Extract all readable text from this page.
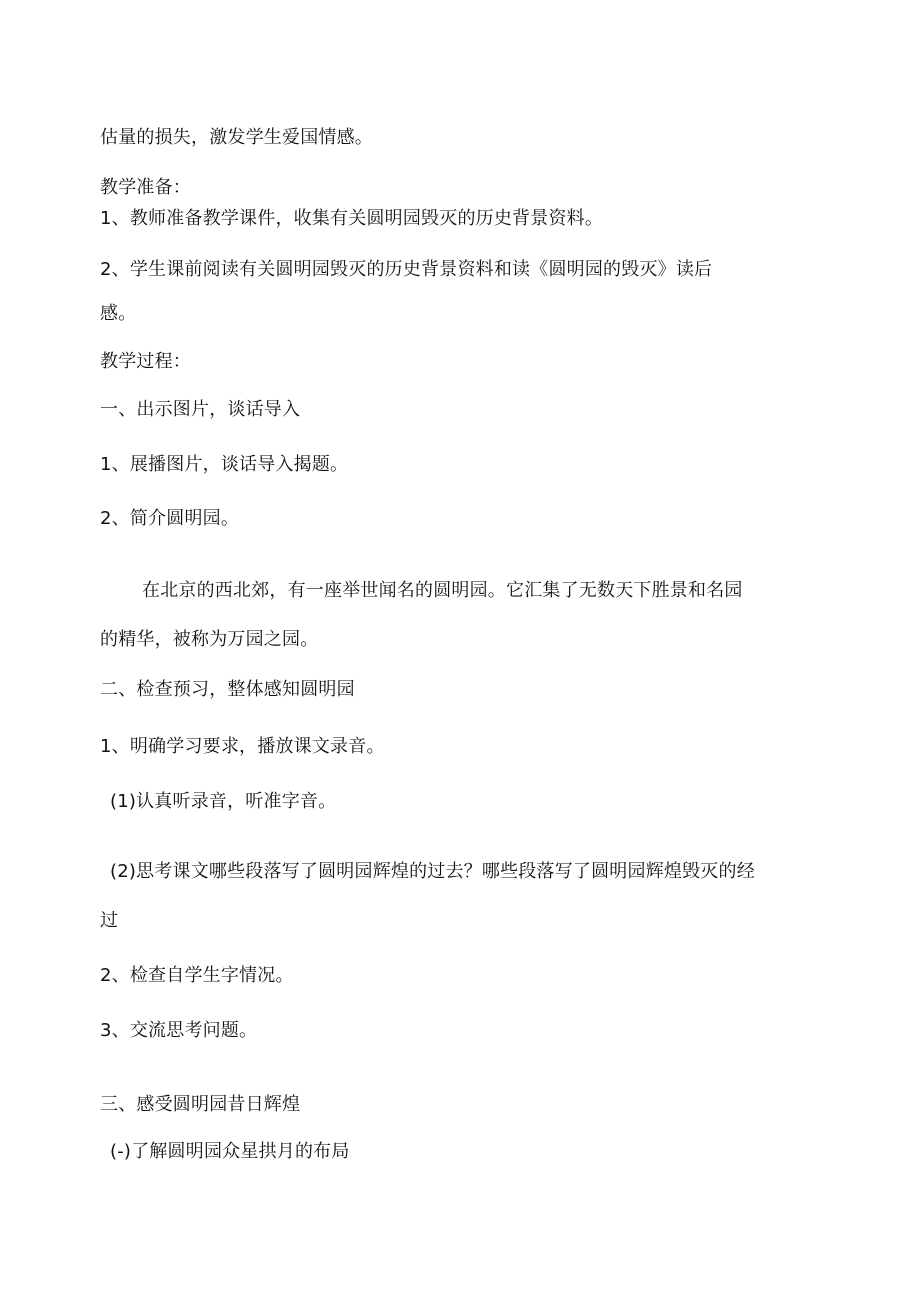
估量的损失，激发学生爱国情感。
教学准备：
1、教师准备教学课件，收集有关圆明园毁灭的历史背景资料。
2、学生课前阅读有关圆明园毁灭的历史背景资料和读《圆明园的毁灭》读后
感。
教学过程：
一、出示图片，谈话导入
1、展播图片，谈话导入揭题。
2、简介圆明园。
在北京的西北郊，有一座举世闻名的圆明园。它汇集了无数天下胜景和名园
的精华，被称为万园之园。
二、检查预习，整体感知圆明园
1、明确学习要求，播放课文录音。
(1)认真听录音，听准字音。
(2)思考课文哪些段落写了圆明园辉煌的过去？哪些段落写了圆明园辉煌毁灭的经
过
2、检查自学生字情况。
3、交流思考问题。
三、感受圆明园昔日辉煌
(-)了解圆明园众星拱月的布局
